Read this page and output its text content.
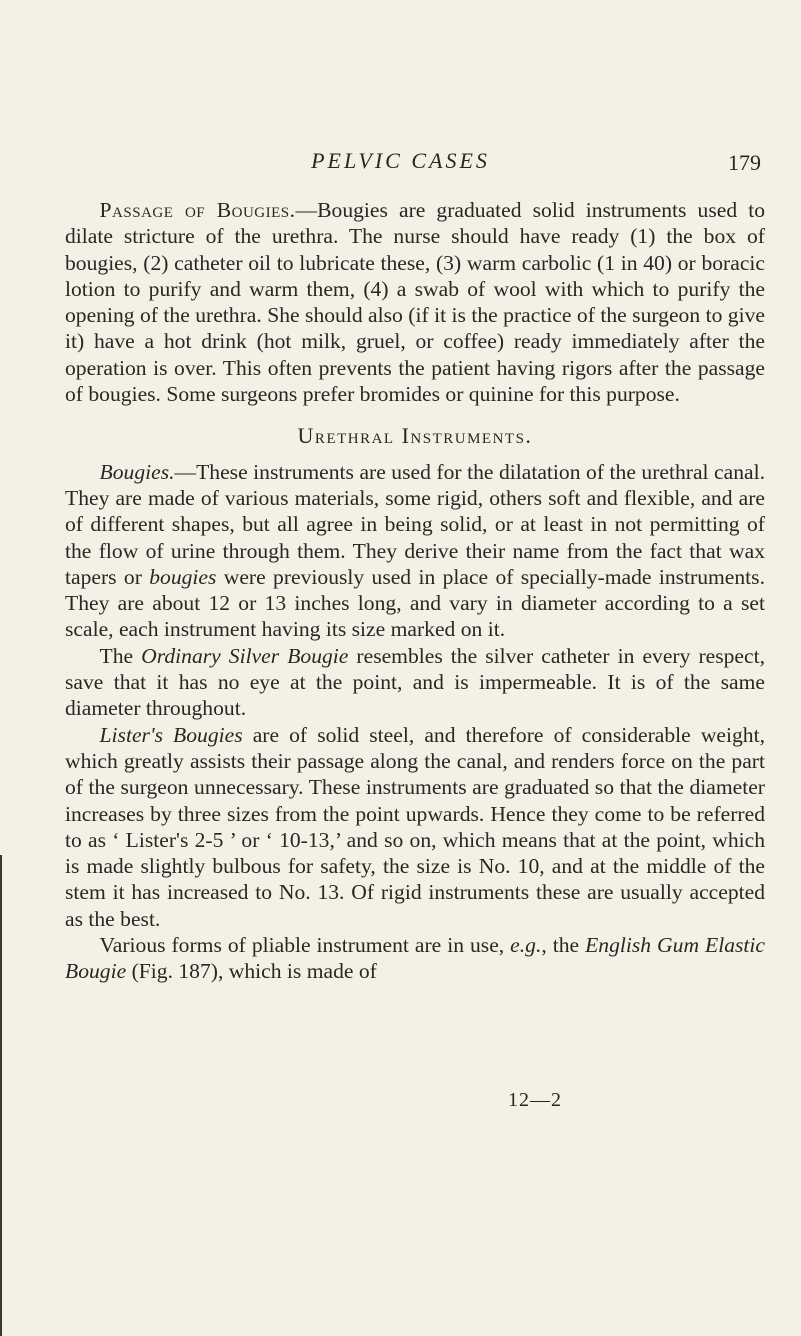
PELVIC CASES	179

Passage of Bougies.—Bougies are graduated solid instruments used to dilate stricture of the urethra. The nurse should have ready (1) the box of bougies, (2) catheter oil to lubricate these, (3) warm carbolic (1 in 40) or boracic lotion to purify and warm them, (4) a swab of wool with which to purify the opening of the urethra. She should also (if it is the practice of the surgeon to give it) have a hot drink (hot milk, gruel, or coffee) ready immediately after the operation is over. This often prevents the patient having rigors after the passage of bougies. Some surgeons prefer bromides or quinine for this purpose.

Urethral Instruments.

Bougies.—These instruments are used for the dilatation of the urethral canal. They are made of various materials, some rigid, others soft and flexible, and are of different shapes, but all agree in being solid, or at least in not permitting of the flow of urine through them. They derive their name from the fact that wax tapers or bougies were previously used in place of specially-made instruments. They are about 12 or 13 inches long, and vary in diameter according to a set scale, each instrument having its size marked on it.

The Ordinary Silver Bougie resembles the silver catheter in every respect, save that it has no eye at the point, and is impermeable. It is of the same diameter throughout.

Lister's Bougies are of solid steel, and therefore of considerable weight, which greatly assists their passage along the canal, and renders force on the part of the surgeon unnecessary. These instruments are graduated so that the diameter increases by three sizes from the point upwards. Hence they come to be referred to as ‘ Lister's 2-5 ’ or ‘ 10-13,’ and so on, which means that at the point, which is made slightly bulbous for safety, the size is No. 10, and at the middle of the stem it has increased to No. 13. Of rigid instruments these are usually accepted as the best.

Various forms of pliable instrument are in use, e.g., the English Gum Elastic Bougie (Fig. 187), which is made of

12—2
